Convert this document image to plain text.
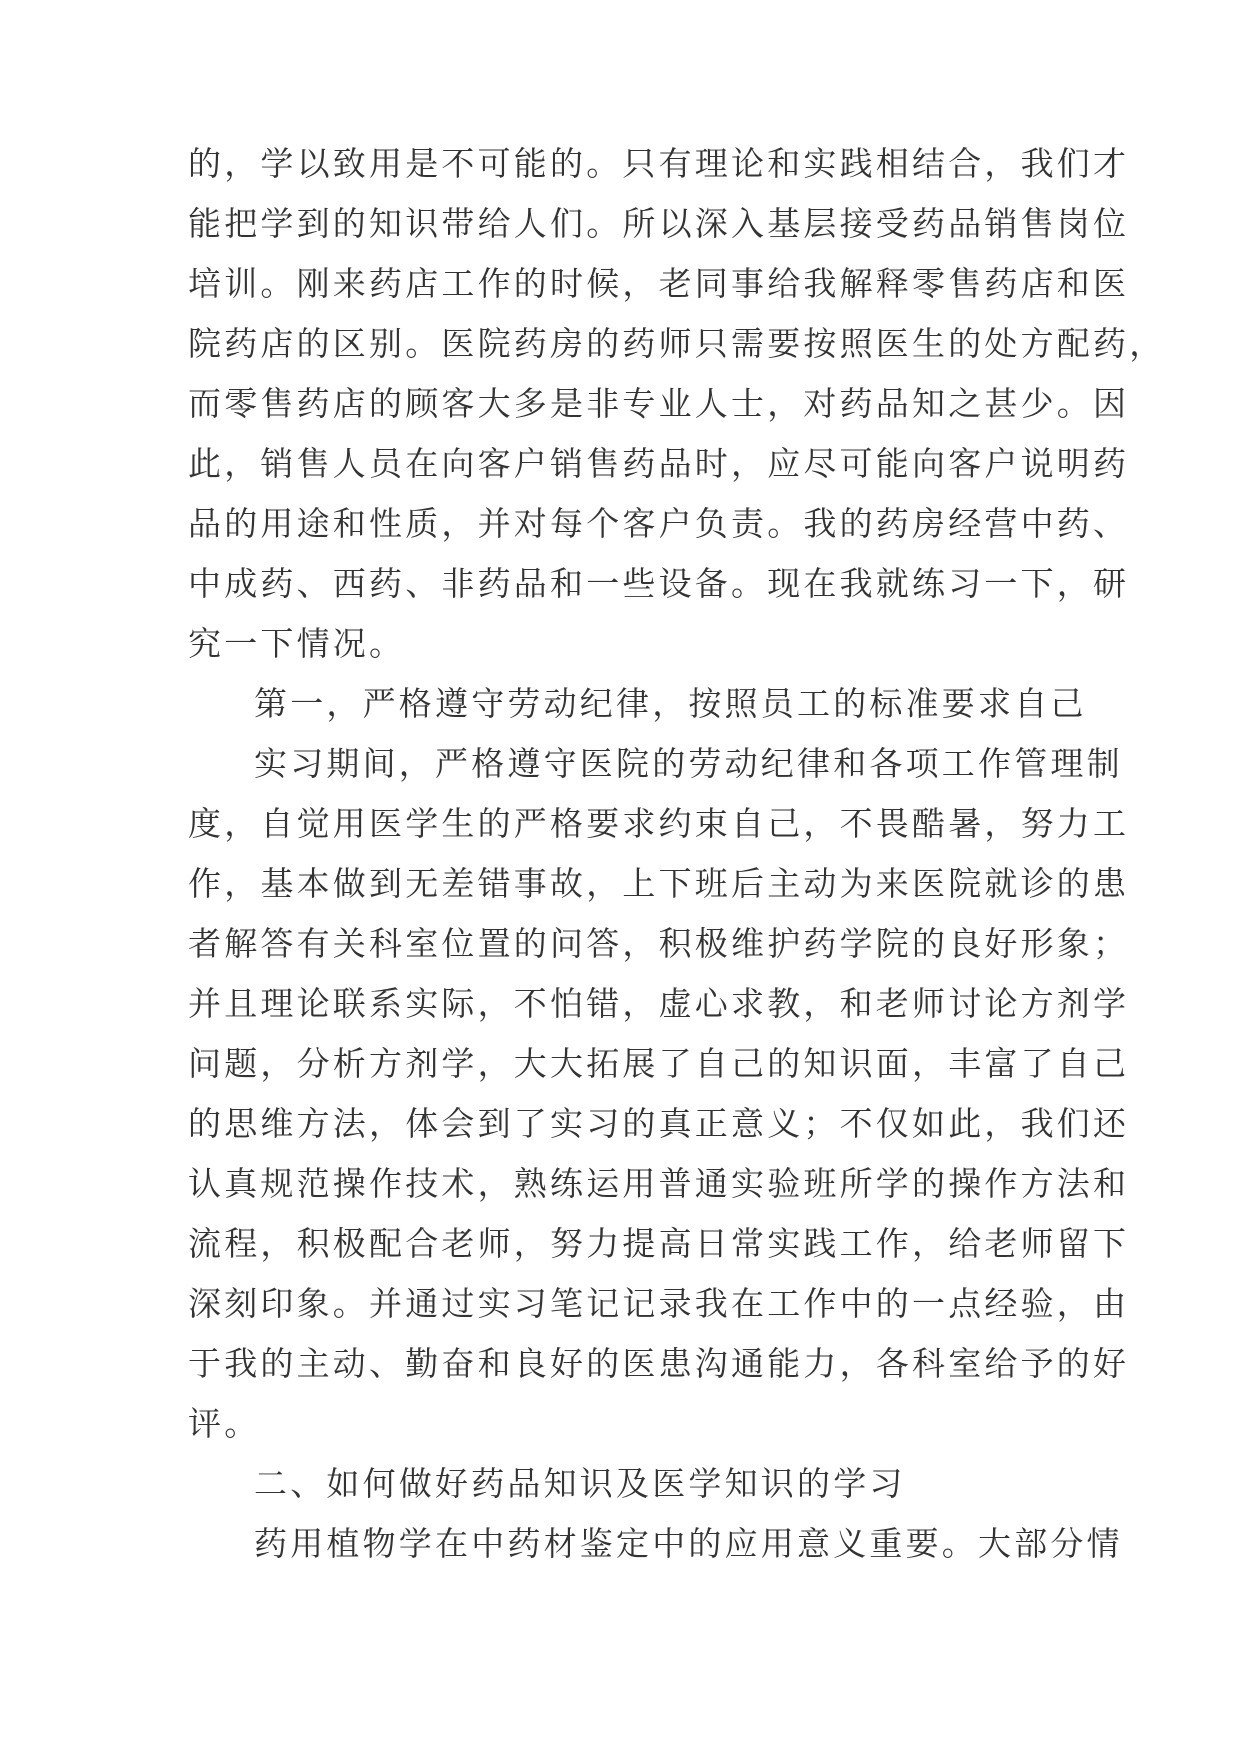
的，学以致用是不可能的。只有理论和实践相结合，我们才
能把学到的知识带给人们。所以深入基层接受药品销售岗位
培训。刚来药店工作的时候，老同事给我解释零售药店和医
院药店的区别。医院药房的药师只需要按照医生的处方配药，
而零售药店的顾客大多是非专业人士，对药品知之甚少。因
此，销售人员在向客户销售药品时，应尽可能向客户说明药
品的用途和性质，并对每个客户负责。我的药房经营中药、
中成药、西药、非药品和一些设备。现在我就练习一下，研
究一下情况。
第一，严格遵守劳动纪律，按照员工的标准要求自己
实习期间，严格遵守医院的劳动纪律和各项工作管理制
度，自觉用医学生的严格要求约束自己，不畏酷暑，努力工
作，基本做到无差错事故，上下班后主动为来医院就诊的患
者解答有关科室位置的问答，积极维护药学院的良好形象；
并且理论联系实际，不怕错，虚心求教，和老师讨论方剂学
问题，分析方剂学，大大拓展了自己的知识面，丰富了自己
的思维方法，体会到了实习的真正意义；不仅如此，我们还
认真规范操作技术，熟练运用普通实验班所学的操作方法和
流程，积极配合老师，努力提高日常实践工作，给老师留下
深刻印象。并通过实习笔记记录我在工作中的一点经验，由
于我的主动、勤奋和良好的医患沟通能力，各科室给予的好
评。
二、如何做好药品知识及医学知识的学习
药用植物学在中药材鉴定中的应用意义重要。大部分情
